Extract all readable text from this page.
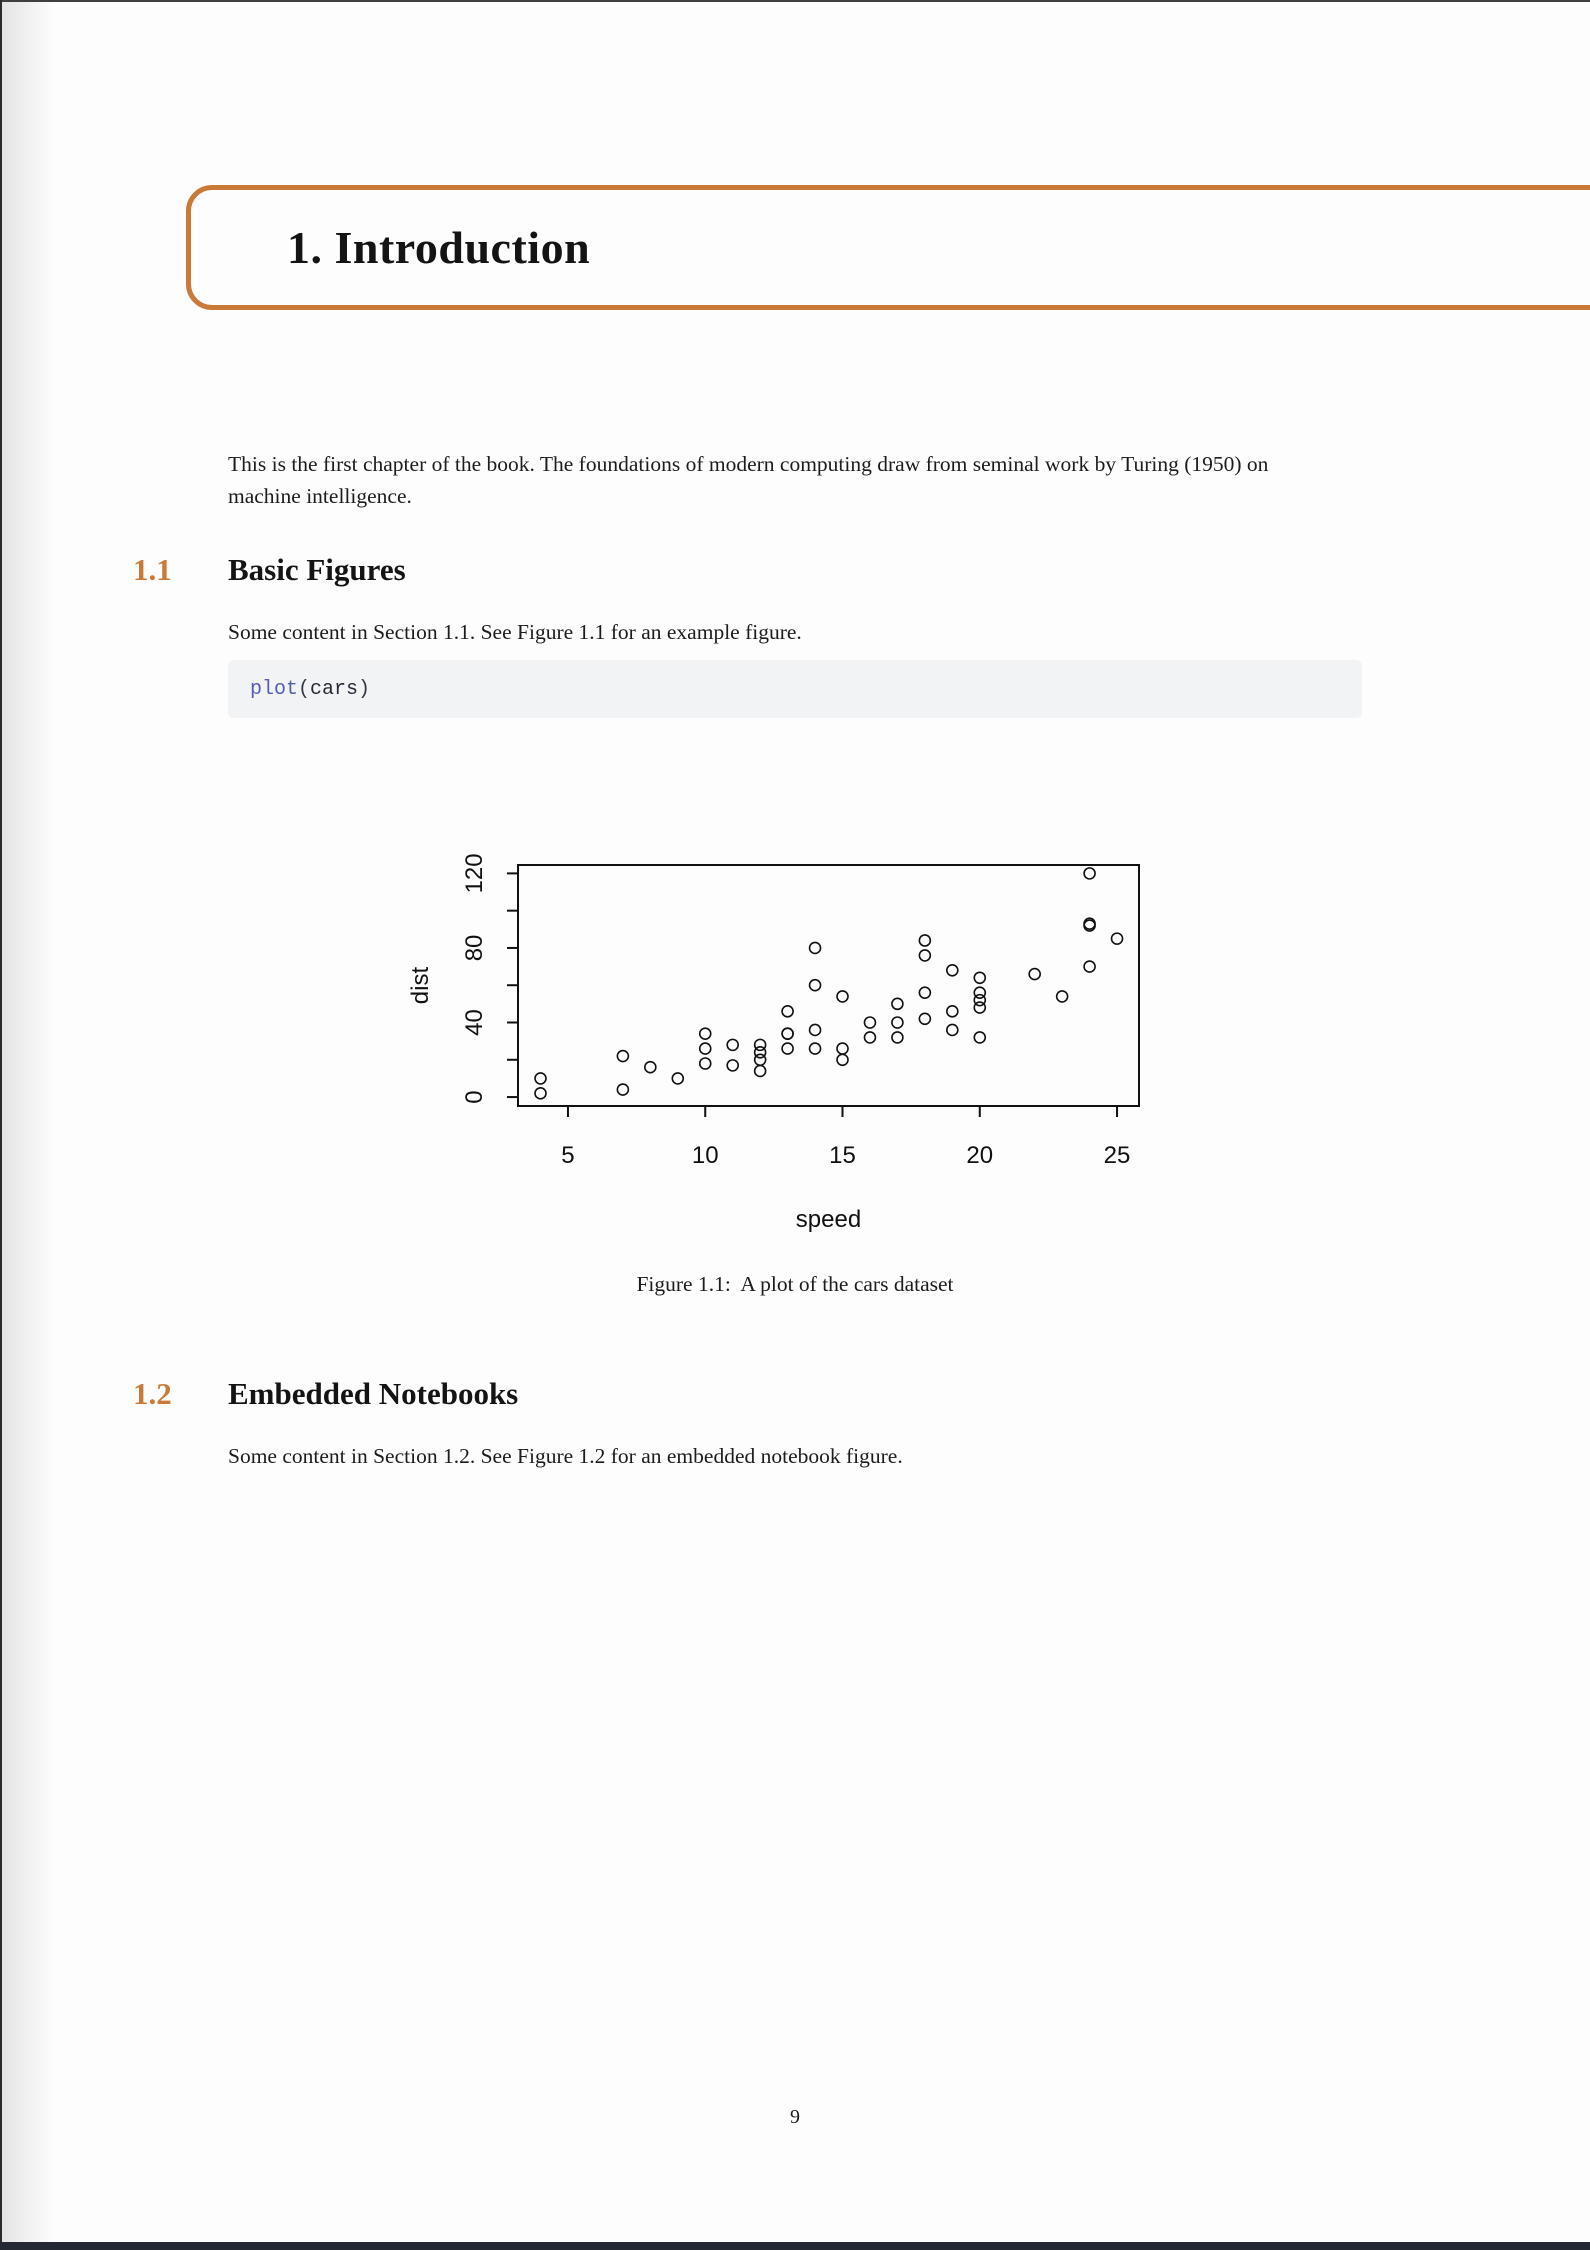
1. Introduction

This is the first chapter of the book. The foundations of modern computing draw from seminal work by Turing (1950) on machine intelligence.

1.1 Basic Figures

Some content in Section 1.1. See Figure 1.1 for an example figure.

plot(cars)
5	10	15	20	25
0
40
80
120
speed
dist

Figure 1.1:  A plot of the cars dataset

1.2 Embedded Notebooks

Some content in Section 1.2. See Figure 1.2 for an embedded notebook figure.

9
